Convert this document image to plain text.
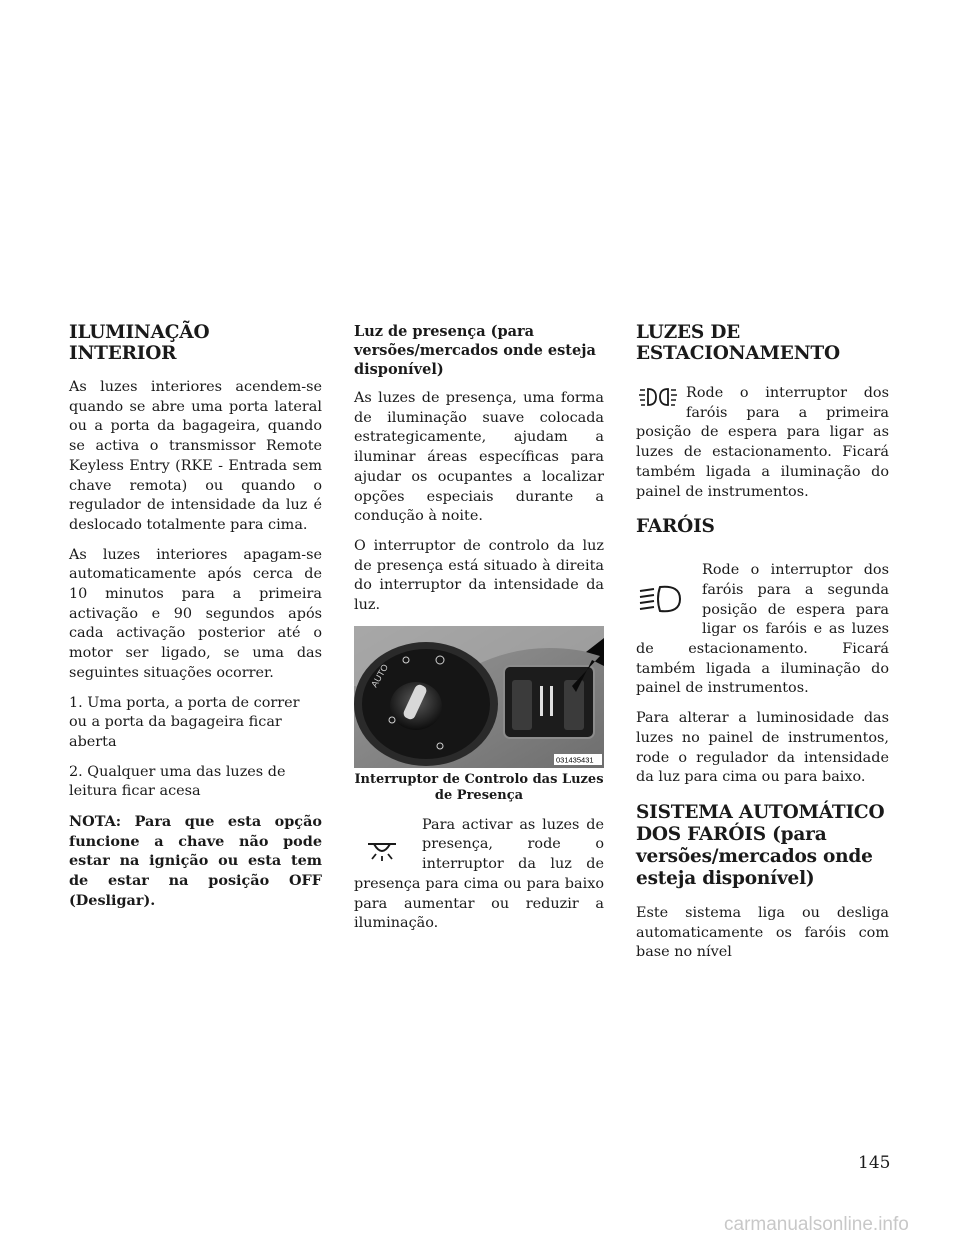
ILUMINAÇÃO INTERIOR

As luzes interiores acendem-se quando se abre uma porta lateral ou a porta da bagageira, quando se activa o transmissor Remote Keyless Entry (RKE - Entrada sem chave remota) ou quando o regulador de intensidade da luz é deslocado totalmente para cima.

As luzes interiores apagam-se automaticamente após cerca de 10 minutos para a primeira activação e 90 segundos após cada activação posterior até o motor ser ligado, se uma das seguintes situações ocorrer.

1. Uma porta, a porta de correr ou a porta da bagageira ficar aberta

2. Qualquer uma das luzes de leitura ficar acesa

NOTA: Para que esta opção funcione a chave não pode estar na ignição ou esta tem de estar na posição OFF (Desligar).

Luz de presença (para versões/mercados onde esteja disponível)

As luzes de presença, uma forma de iluminação suave colocada estrategicamente, ajudam a iluminar áreas específicas para ajudar os ocupantes a localizar opções especiais durante a condução à noite.

O interruptor de controlo da luz de presença está situado à direita do interruptor da intensidade da luz.

AUTO
031435431
Interruptor de Controlo das Luzes de Presença

Para activar as luzes de presença, rode o interruptor da luz de presença para cima ou para baixo para aumentar ou reduzir a iluminação.

LUZES DE ESTACIONAMENTO

Rode o interruptor dos faróis para a primeira posição de espera para ligar as luzes de estacionamento. Ficará também ligada a iluminação do painel de instrumentos.

FARÓIS

Rode o interruptor dos faróis para a segunda posição de espera para ligar os faróis e as luzes de estacionamento. Ficará também ligada a iluminação do painel de instrumentos.

Para alterar a luminosidade das luzes no painel de instrumentos, rode o regulador da intensidade da luz para cima ou para baixo.

SISTEMA AUTOMÁTICO DOS FARÓIS (para versões/mercados onde esteja disponível)

Este sistema liga ou desliga automaticamente os faróis com base no nível

145
carmanualsonline.info
